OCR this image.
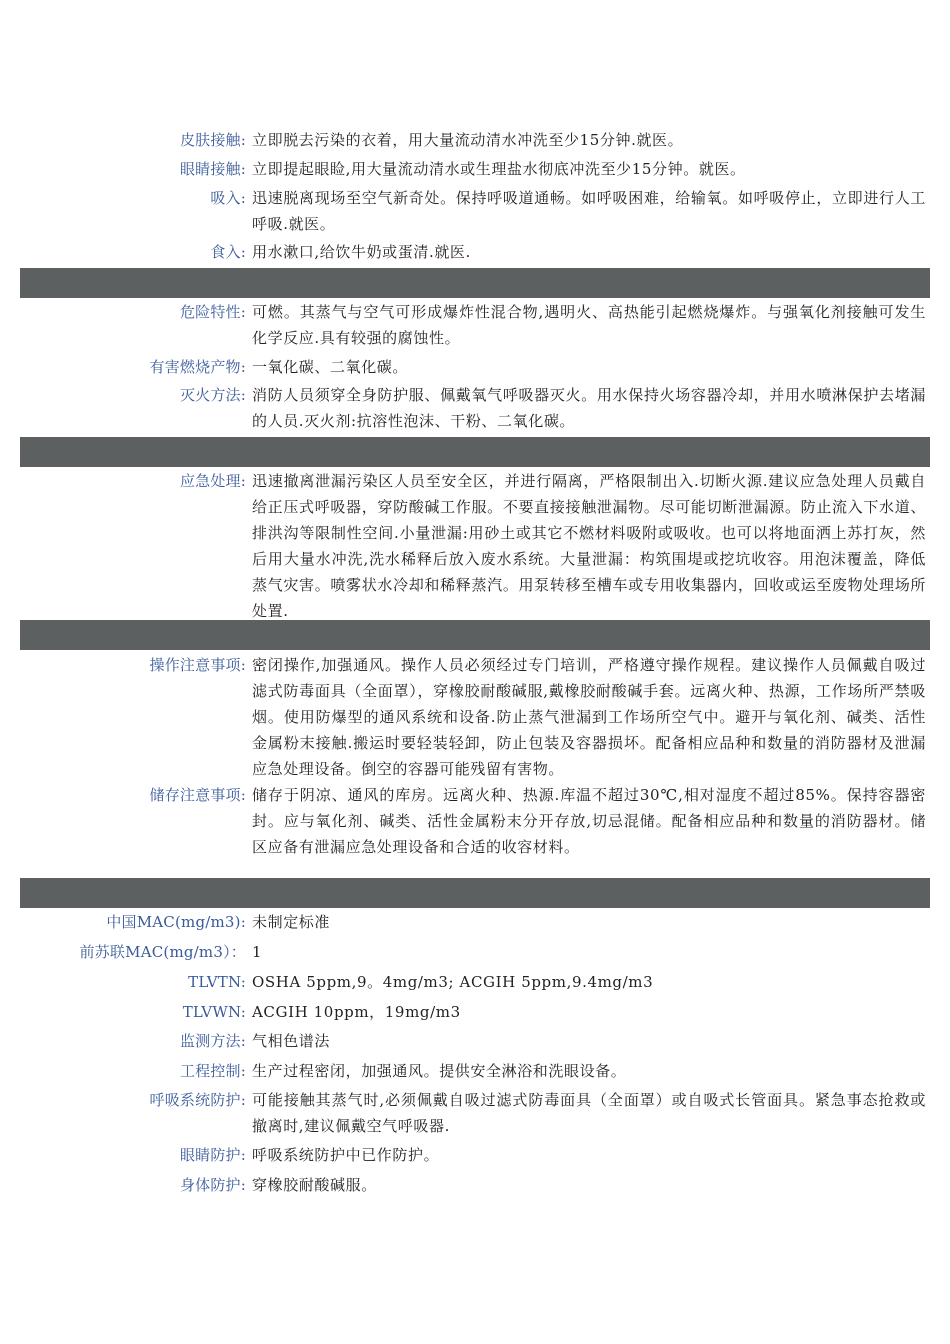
皮肤接触: 立即脱去污染的衣着，用大量流动清水冲洗至少15分钟.就医。
眼睛接触: 立即提起眼睑,用大量流动清水或生理盐水彻底冲洗至少15分钟。就医。
吸入: 迅速脱离现场至空气新奇处。保持呼吸道通畅。如呼吸困难，给输氧。如呼吸停止，立即进行人工呼吸.就医。
食入: 用水漱口,给饮牛奶或蛋清.就医.
危险特性: 可燃。其蒸气与空气可形成爆炸性混合物,遇明火、高热能引起燃烧爆炸。与强氧化剂接触可发生化学反应.具有较强的腐蚀性。
有害燃烧产物: 一氧化碳、二氧化碳。
灭火方法: 消防人员须穿全身防护服、佩戴氧气呼吸器灭火。用水保持火场容器冷却，并用水喷淋保护去堵漏的人员.灭火剂:抗溶性泡沫、干粉、二氧化碳。
应急处理: 迅速撤离泄漏污染区人员至安全区，并进行隔离，严格限制出入.切断火源.建议应急处理人员戴自给正压式呼吸器，穿防酸碱工作服。不要直接接触泄漏物。尽可能切断泄漏源。防止流入下水道、排洪沟等限制性空间.小量泄漏:用砂土或其它不燃材料吸附或吸收。也可以将地面洒上苏打灰，然后用大量水冲洗,洗水稀释后放入废水系统。大量泄漏：构筑围堤或挖坑收容。用泡沫覆盖，降低蒸气灾害。喷雾状水冷却和稀释蒸汽。用泵转移至槽车或专用收集器内，回收或运至废物处理场所处置.
操作注意事项: 密闭操作,加强通风。操作人员必须经过专门培训，严格遵守操作规程。建议操作人员佩戴自吸过滤式防毒面具（全面罩），穿橡胶耐酸碱服,戴橡胶耐酸碱手套。远离火种、热源，工作场所严禁吸烟。使用防爆型的通风系统和设备.防止蒸气泄漏到工作场所空气中。避开与氧化剂、碱类、活性金属粉末接触.搬运时要轻装轻卸，防止包装及容器损坏。配备相应品种和数量的消防器材及泄漏应急处理设备。倒空的容器可能残留有害物。
储存注意事项: 储存于阴凉、通风的库房。远离火种、热源.库温不超过30℃,相对湿度不超过85%。保持容器密封。应与氧化剂、碱类、活性金属粉末分开存放,切忌混储。配备相应品种和数量的消防器材。储区应备有泄漏应急处理设备和合适的收容材料。
中国MAC(mg/m3): 未制定标准
前苏联MAC(mg/m3）： 1
TLVTN: OSHA 5ppm,9。4mg/m3; ACGIH 5ppm,9.4mg/m3
TLVWN: ACGIH 10ppm，19mg/m3
监测方法: 气相色谱法
工程控制: 生产过程密闭，加强通风。提供安全淋浴和洗眼设备。
呼吸系统防护: 可能接触其蒸气时,必须佩戴自吸过滤式防毒面具（全面罩）或自吸式长管面具。紧急事态抢救或撤离时,建议佩戴空气呼吸器.
眼睛防护: 呼吸系统防护中已作防护。
身体防护: 穿橡胶耐酸碱服。
